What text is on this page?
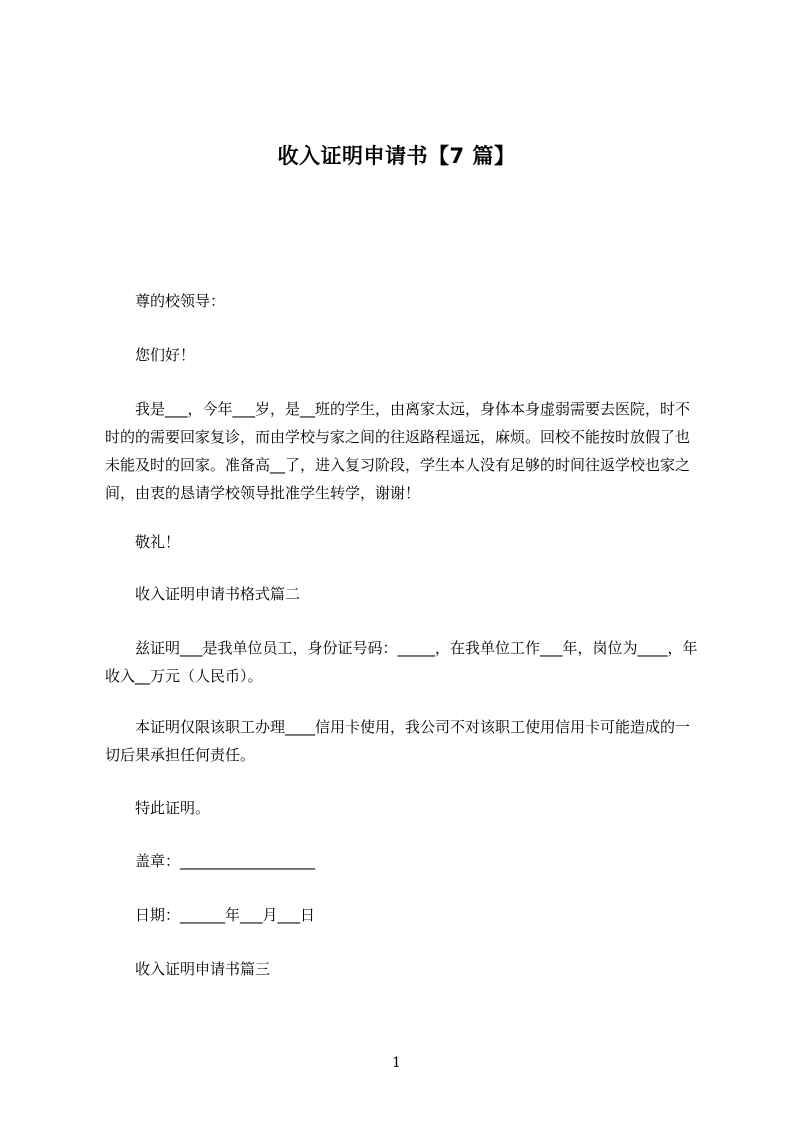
收入证明申请书【7 篇】
尊的校领导：
您们好！
我是___，今年___岁，是__班的学生，由离家太远，身体本身虚弱需要去医院，时不时的的需要回家复诊，而由学校与家之间的往返路程遥远，麻烦。回校不能按时放假了也未能及时的回家。准备高__了，进入复习阶段，学生本人没有足够的时间往返学校也家之间，由衷的恳请学校领导批准学生转学，谢谢！
敬礼！
收入证明申请书格式篇二
兹证明___是我单位员工，身份证号码：_____，在我单位工作___年，岗位为____，年收入__万元（人民币）。
本证明仅限该职工办理____信用卡使用，我公司不对该职工使用信用卡可能造成的一切后果承担任何责任。
特此证明。
盖章：__________________
日期：______年___月___日
收入证明申请书篇三
1
